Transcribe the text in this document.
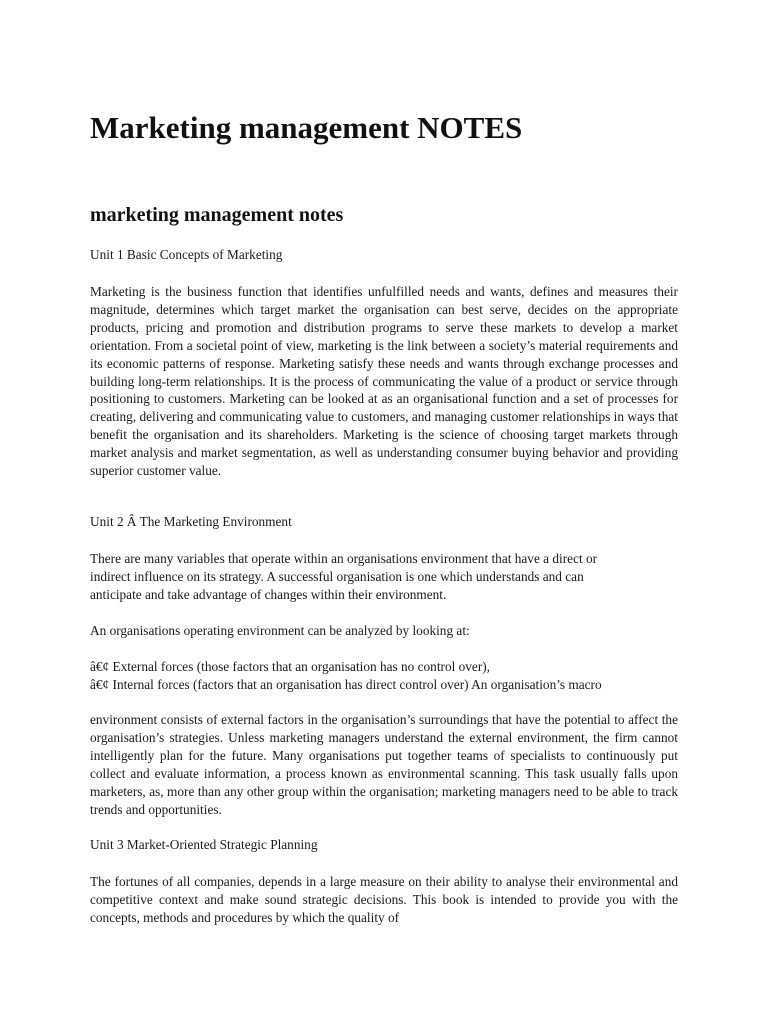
Marketing management NOTES
marketing management notes

Unit 1 Basic Concepts of Marketing

Marketing is the business function that identifies unfulfilled needs and wants, defines and measures their magnitude, determines which target market the organisation can best serve, decides on the appropriate products, pricing and promotion and distribution programs to serve these markets to develop a market orientation. From a societal point of view, marketing is the link between a society’s material requirements and its economic patterns of response. Marketing satisfy these needs and wants through exchange processes and building long-term relationships. It is the process of communicating the value of a product or service through positioning to customers. Marketing can be looked at as an organisational function and a set of processes for creating, delivering and communicating value to customers, and managing customer relationships in ways that benefit the organisation and its shareholders. Marketing is the science of choosing target markets through market analysis and market segmentation, as well as understanding consumer buying behavior and providing superior customer value.

Unit 2 Â The Marketing Environment

There are many variables that operate within an organisations environment that have a direct or
indirect influence on its strategy. A successful organisation is one which understands and can
anticipate and take advantage of changes within their environment.

An organisations operating environment can be analyzed by looking at:

â€¢ External forces (those factors that an organisation has no control over),
â€¢ Internal forces (factors that an organisation has direct control over) An organisation’s macro

environment consists of external factors in the organisation’s surroundings that have the potential to affect the organisation’s strategies. Unless marketing managers understand the external environment, the firm cannot intelligently plan for the future. Many organisations put together teams of specialists to continuously put collect and evaluate information, a process known as environmental scanning. This task usually falls upon marketers, as, more than any other group within the organisation; marketing managers need to be able to track trends and opportunities.

Unit 3 Market-Oriented Strategic Planning

The fortunes of all companies, depends in a large measure on their ability to analyse their environmental and competitive context and make sound strategic decisions. This book is intended to provide you with the concepts, methods and procedures by which the quality of
